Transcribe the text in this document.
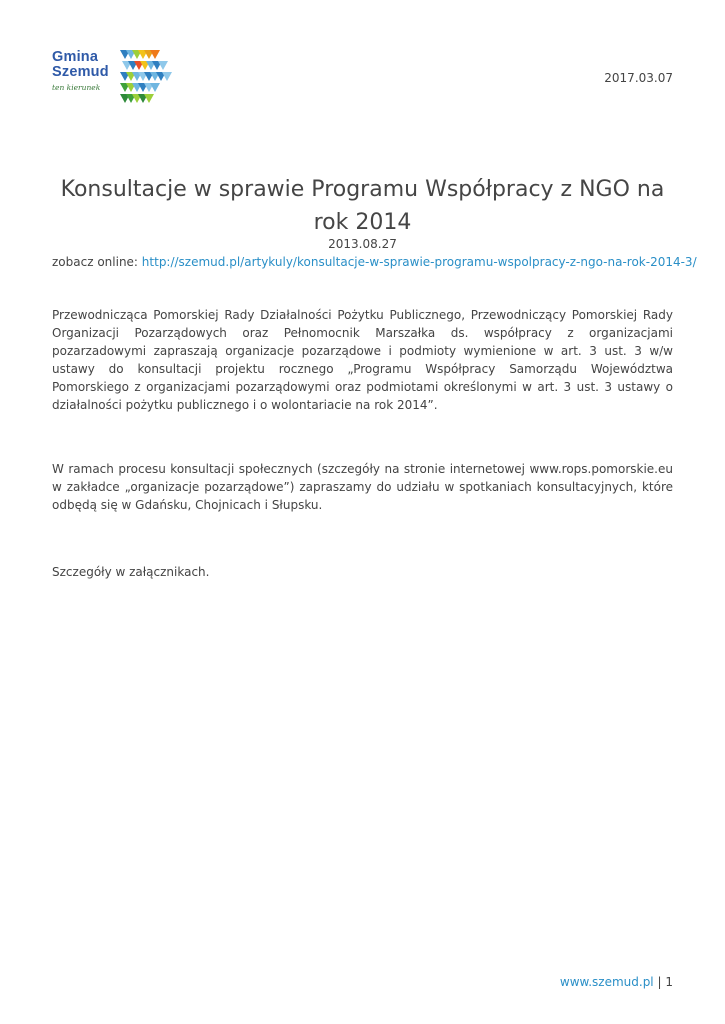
Gmina
Szemud
ten kierunek
2017.03.07
Konsultacje w sprawie Programu Współpracy z NGO na rok 2014
2013.08.27
zobacz online: http://szemud.pl/artykuly/konsultacje-w-sprawie-programu-wspolpracy-z-ngo-na-rok-2014-3/

Przewodnicząca Pomorskiej Rady Działalności Pożytku Publicznego, Przewodniczący Pomorskiej Rady Organizacji Pozarządowych oraz Pełnomocnik Marszałka ds. współpracy z organizacjami pozarzadowymi zapraszają organizacje pozarządowe i podmioty wymienione w art. 3 ust. 3 w/w ustawy do konsultacji projektu rocznego „Programu Współpracy Samorządu Województwa Pomorskiego z organizacjami pozarządowymi oraz podmiotami określonymi w art. 3 ust. 3 ustawy o działalności pożytku publicznego i o wolontariacie na rok 2014”.

W ramach procesu konsultacji społecznych (szczegóły na stronie internetowej www.rops.pomorskie.eu w zakładce „organizacje pozarządowe”) zapraszamy do udziału w spotkaniach konsultacyjnych, które odbędą się w Gdańsku, Chojnicach i Słupsku.

Szczegóły w załącznikach.

www.szemud.pl | 1
